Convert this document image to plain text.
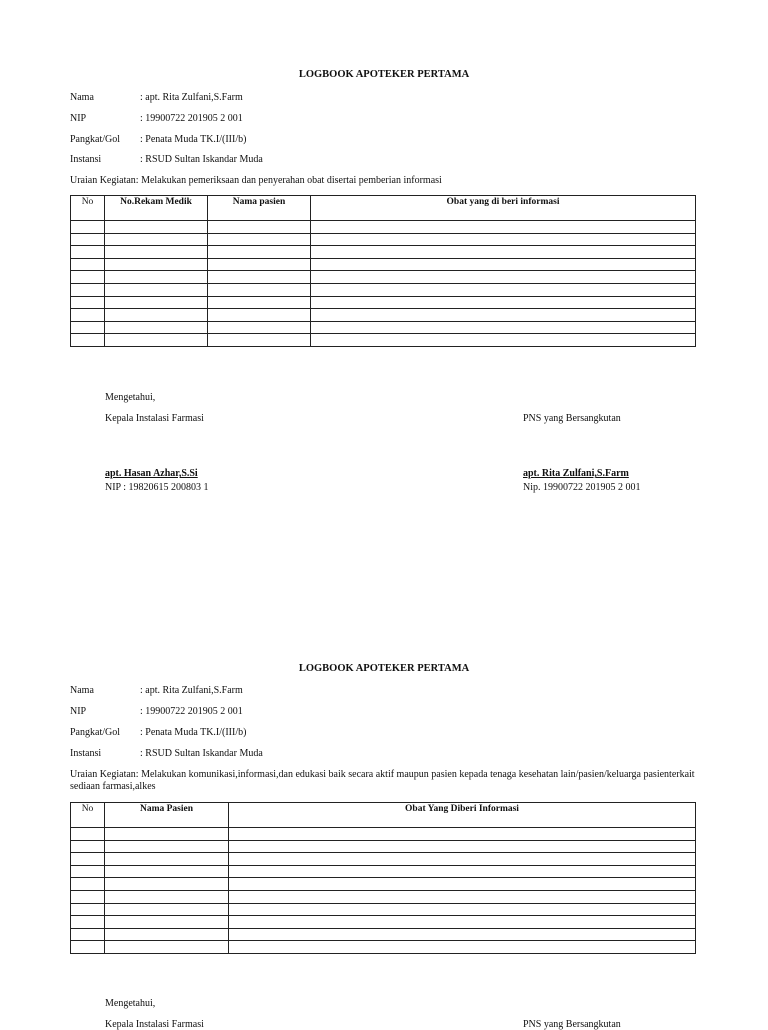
LOGBOOK APOTEKER PERTAMA
Nama	: apt. Rita Zulfani,S.Farm
NIP	: 19900722 201905 2 001
Pangkat/Gol : Penata Muda TK.I/(III/b)
Instansi	: RSUD Sultan Iskandar Muda
Uraian Kegiatan: Melakukan pemeriksaan dan penyerahan obat disertai pemberian informasi
No	No.Rekam Medik	Nama pasien	Obat yang di beri informasi

Mengetahui,
Kepala Instalasi Farmasi	PNS yang Bersangkutan
apt. Hasan Azhar,S.Si	apt. Rita Zulfani,S.Farm
NIP : 19820615 200803 1	Nip. 19900722 201905 2 001
LOGBOOK APOTEKER PERTAMA
Nama	: apt. Rita Zulfani,S.Farm
NIP	: 19900722 201905 2 001
Pangkat/Gol : Penata Muda TK.I/(III/b)
Instansi	: RSUD Sultan Iskandar Muda
Uraian Kegiatan: Melakukan komunikasi,informasi,dan edukasi baik secara aktif maupun pasien kepada tenaga kesehatan lain/pasien/keluarga pasienterkait sediaan farmasi,alkes
No	Nama Pasien	Obat Yang Diberi Informasi

Mengetahui,
Kepala Instalasi Farmasi	PNS yang Bersangkutan
